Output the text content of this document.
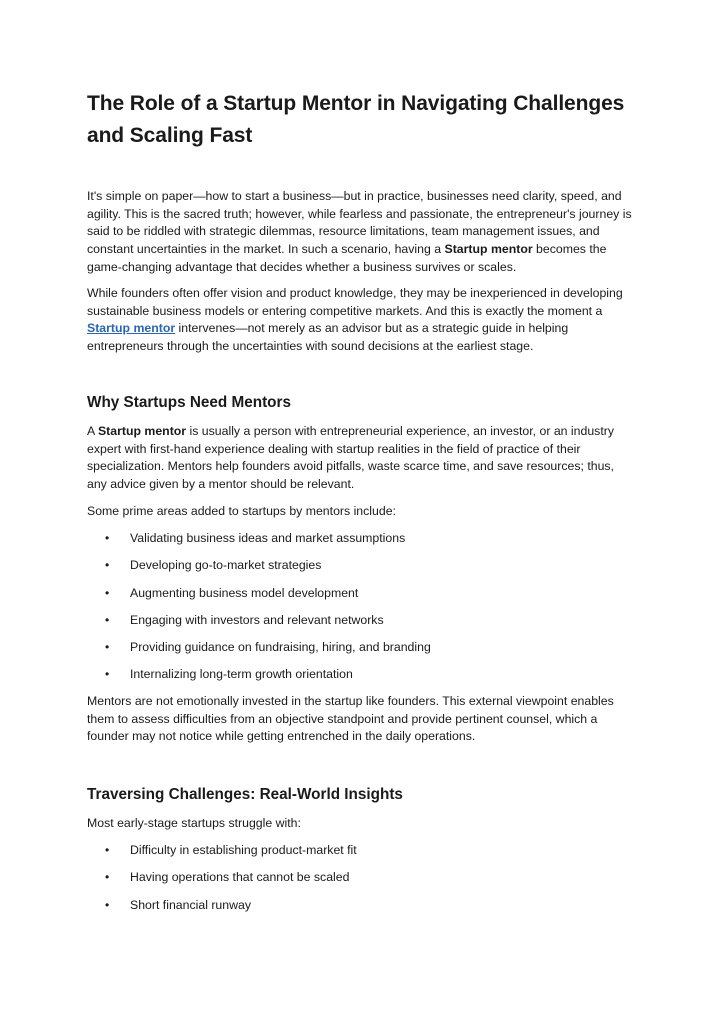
The Role of a Startup Mentor in Navigating Challenges and Scaling Fast

It's simple on paper—how to start a business—but in practice, businesses need clarity, speed, and agility. This is the sacred truth; however, while fearless and passionate, the entrepreneur's journey is said to be riddled with strategic dilemmas, resource limitations, team management issues, and constant uncertainties in the market. In such a scenario, having a Startup mentor becomes the game-changing advantage that decides whether a business survives or scales.

While founders often offer vision and product knowledge, they may be inexperienced in developing sustainable business models or entering competitive markets. And this is exactly the moment a Startup mentor intervenes—not merely as an advisor but as a strategic guide in helping entrepreneurs through the uncertainties with sound decisions at the earliest stage.

Why Startups Need Mentors

A Startup mentor is usually a person with entrepreneurial experience, an investor, or an industry expert with first-hand experience dealing with startup realities in the field of practice of their specialization. Mentors help founders avoid pitfalls, waste scarce time, and save resources; thus, any advice given by a mentor should be relevant.

Some prime areas added to startups by mentors include:

• Validating business ideas and market assumptions
• Developing go-to-market strategies
• Augmenting business model development
• Engaging with investors and relevant networks
• Providing guidance on fundraising, hiring, and branding
• Internalizing long-term growth orientation

Mentors are not emotionally invested in the startup like founders. This external viewpoint enables them to assess difficulties from an objective standpoint and provide pertinent counsel, which a founder may not notice while getting entrenched in the daily operations.

Traversing Challenges: Real-World Insights

Most early-stage startups struggle with:

• Difficulty in establishing product-market fit
• Having operations that cannot be scaled
• Short financial runway
